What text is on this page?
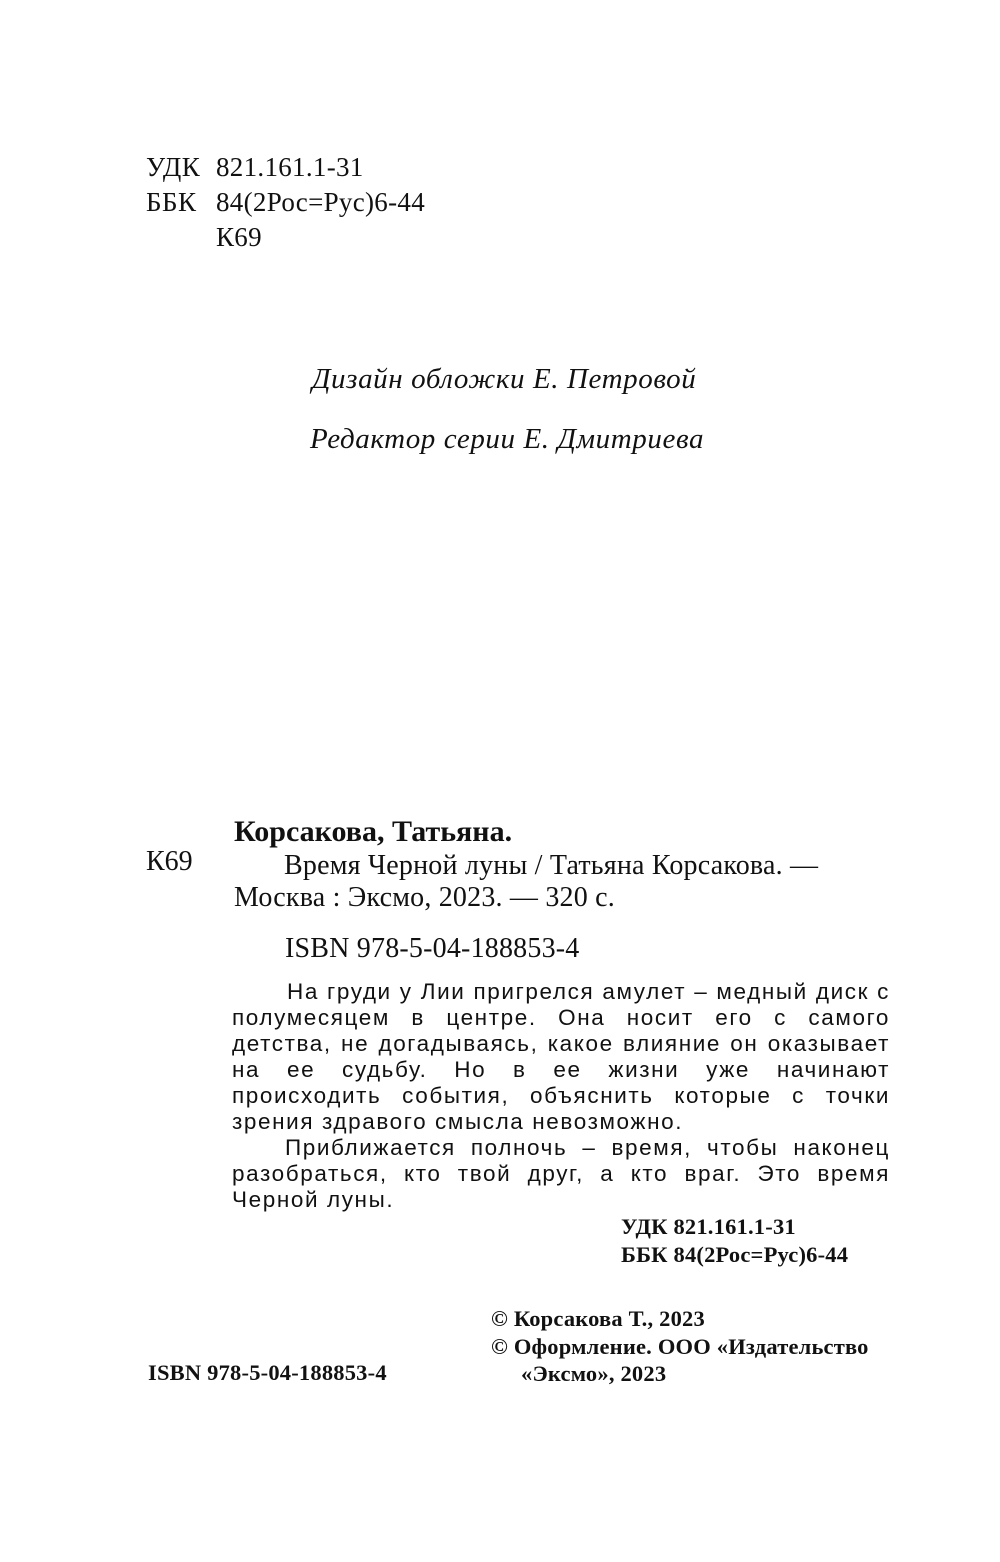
УДК 821.161.1-31
ББК 84(2Рос=Рус)6-44
К69
Дизайн обложки Е. Петровой
Редактор серии Е. Дмитриева
К69
Корсакова, Татьяна.
Время Черной луны / Татьяна Корсакова. —
Москва : Эксмо, 2023. — 320 с.
ISBN 978-5-04-188853-4

На груди у Лии пригрелся амулет – медный диск с полумесяцем в центре. Она носит его с самого детства, не догадываясь, какое влияние он оказывает на ее судьбу. Но в ее жизни уже начинают происходить события, объяснить которые с точки зрения здравого смысла невозможно.

Приближается полночь – время, чтобы наконец разобраться, кто твой друг, а кто враг. Это время Черной луны.

УДК 821.161.1-31
ББК 84(2Рос=Рус)6-44
© Корсакова Т., 2023
© Оформление. ООО «Издательство
«Эксмо», 2023
ISBN 978-5-04-188853-4
